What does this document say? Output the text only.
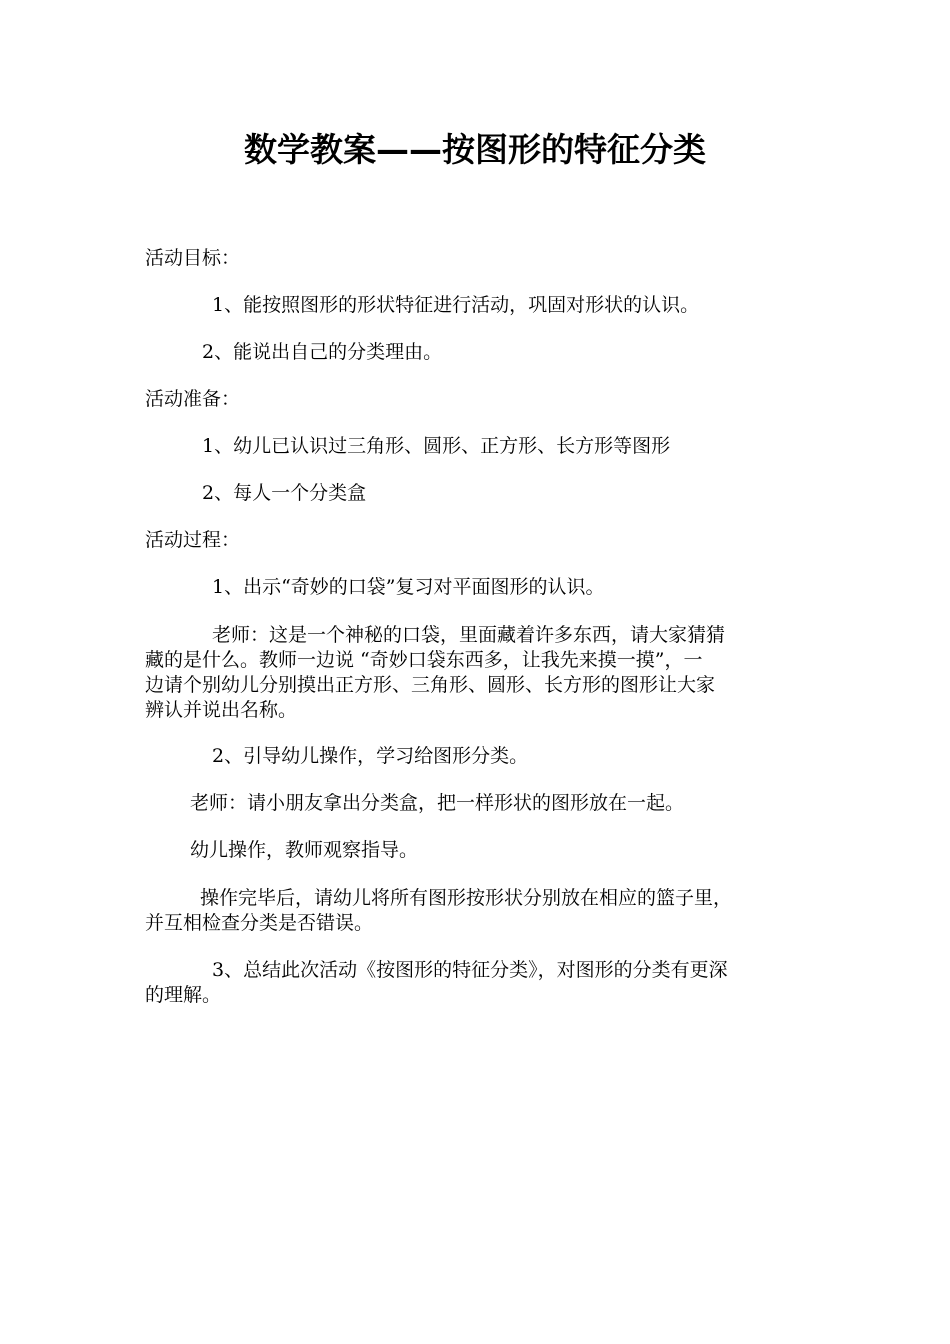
数学教案——按图形的特征分类
活动目标：
1、能按照图形的形状特征进行活动，巩固对形状的认识。
2、能说出自己的分类理由。
活动准备：
1、幼儿已认识过三角形、圆形、正方形、长方形等图形
2、每人一个分类盒
活动过程：
1、出示“奇妙的口袋”复习对平面图形的认识。
老师：这是一个神秘的口袋，里面藏着许多东西，请大家猜猜
藏的是什么。教师一边说 “奇妙口袋东西多，让我先来摸一摸”，一
边请个别幼儿分别摸出正方形、三角形、圆形、长方形的图形让大家
辨认并说出名称。
2、引导幼儿操作，学习给图形分类。
老师：请小朋友拿出分类盒，把一样形状的图形放在一起。
幼儿操作，教师观察指导。
操作完毕后，请幼儿将所有图形按形状分别放在相应的篮子里，
并互相检查分类是否错误。
3、总结此次活动《按图形的特征分类》，对图形的分类有更深
的理解。
